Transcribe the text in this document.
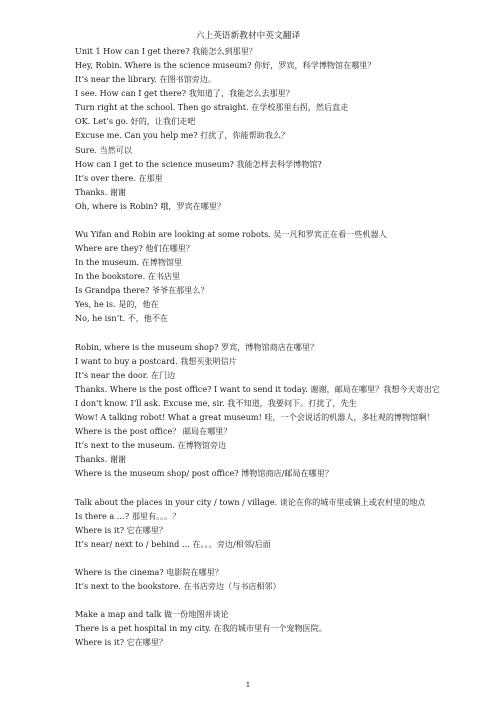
六上英语新教材中英文翻译
Unit 1 How can I get there? 我能怎么到那里？
Hey, Robin. Where is the science museum? 你好，罗宾，科学博物馆在哪里？
It’s near the library. 在图书馆旁边。
I see. How can I get there? 我知道了，我能怎么去那里？
Turn right at the school. Then go straight. 在学校那里右拐，然后直走
OK. Let’s go. 好的，让我们走吧
Excuse me. Can you help me? 打扰了，你能帮助我么？
Sure. 当然可以
How can I get to the science museum? 我能怎样去科学博物馆?
It’s over there. 在那里
Thanks. 谢谢
Oh, where is Robin? 哦，罗宾在哪里？
Wu Yifan and Robin are looking at some robots. 吴一凡和罗宾正在看一些机器人
Where are they? 他们在哪里？
In the museum. 在博物馆里
In the bookstore. 在书店里
Is Grandpa there? 爷爷在那里么？
Yes, he is. 是的，他在
No, he isn’t. 不，他不在
Robin, where is the museum shop? 罗宾，博物馆商店在哪里？
I want to buy a postcard. 我想买张明信片
It’s near the door. 在门边
Thanks. Where is the post office? I want to send it today. 谢谢，邮局在哪里？我想今天寄出它
I don’t know. I’ll ask. Excuse me, sir. 我不知道，我要问下。打扰了，先生
Wow! A talking robot! What a great museum! 哇，一个会说话的机器人，多壮观的博物馆啊！
Where is the post office？ 邮局在哪里？
It’s next to the museum. 在博物馆旁边
Thanks. 谢谢
Where is the museum shop/ post office? 博物馆商店/邮局在哪里？
Talk about the places in your city / town / village. 谈论在你的城市里或镇上或农村里的地点
Is there a …? 那里有。。。？
Where is it? 它在哪里？
It’s near/ next to / behind … 在。。。旁边/相邻/后面
Where is the cinema? 电影院在哪里？
It’s next to the bookstore. 在书店旁边（与书店相邻）
Make a map and talk 做一份地图并谈论
There is a pet hospital in my city. 在我的城市里有一个宠物医院。
Where is it? 它在哪里？
1
